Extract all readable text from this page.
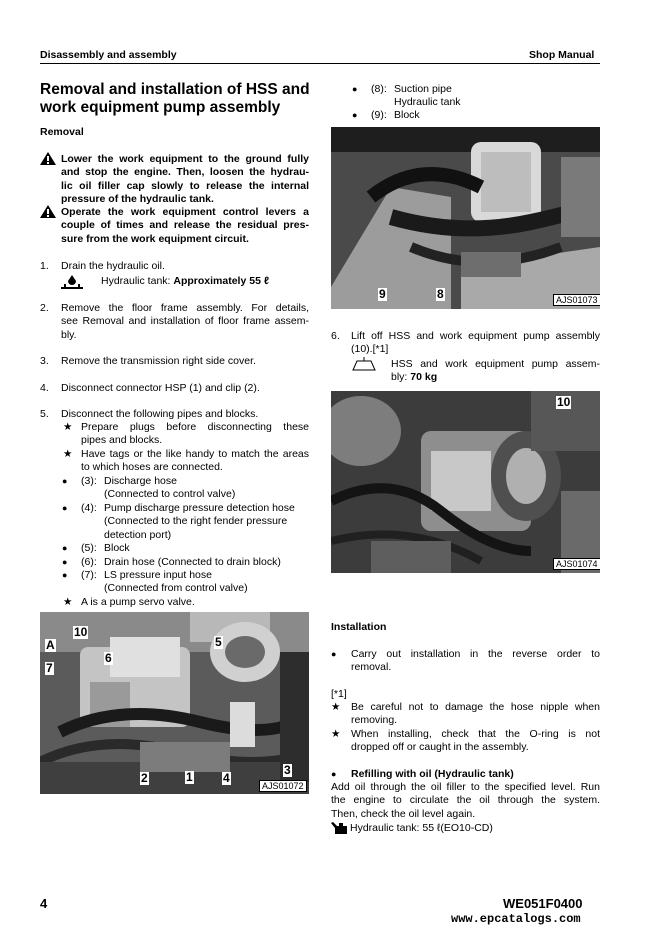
Disassembly and assembly	Shop Manual
Removal and installation of HSS and
work equipment pump assembly
Removal
Lower the work equipment to the ground fully
and stop the engine. Then, loosen the hydrau-
lic oil filler cap slowly to release the internal
pressure of the hydraulic tank.
Operate the work equipment control levers a
couple of times and release the residual pres-
sure from the work equipment circuit.
1.	Drain the hydraulic oil.
Hydraulic tank: Approximately 55 ℓ
2.	Remove the floor frame assembly. For details,
see Removal and installation of floor frame assem-
bly.
3.	Remove the transmission right side cover.
4.	Disconnect connector HSP (1) and clip (2).
5.	Disconnect the following pipes and blocks.
★ Prepare plugs before disconnecting these
pipes and blocks.
★ Have tags or the like handy to match the areas
to which hoses are connected.
● (3): Discharge hose
(Connected to control valve)
● (4): Pump discharge pressure detection hose
(Connected to the right fender pressure
detection port)
● (5): Block
● (6): Drain hose (Connected to drain block)
● (7): LS pressure input hose
(Connected from control valve)
★ A is a pump servo valve.
10
A
7
6
5
2	1	4
3
AJS01072
● (8): Suction pipe
Hydraulic tank
● (9): Block
9	8	AJS01073
6.	Lift off HSS and work equipment pump assembly
(10).[*1]
HSS and work equipment pump assem-
bly: 70 kg
10
AJS01074
Installation
● Carry out installation in the reverse order to
removal.
[*1]
★ Be careful not to damage the hose nipple when
removing.
★ When installing, check that the O-ring is not
dropped off or caught in the assembly.
● Refilling with oil (Hydraulic tank)
Add oil through the oil filler to the specified level. Run
the engine to circulate the oil through the system.
Then, check the oil level again.
Hydraulic tank: 55 ℓ(EO10-CD)
4	WE051F0400
www.epcatalogs.com
